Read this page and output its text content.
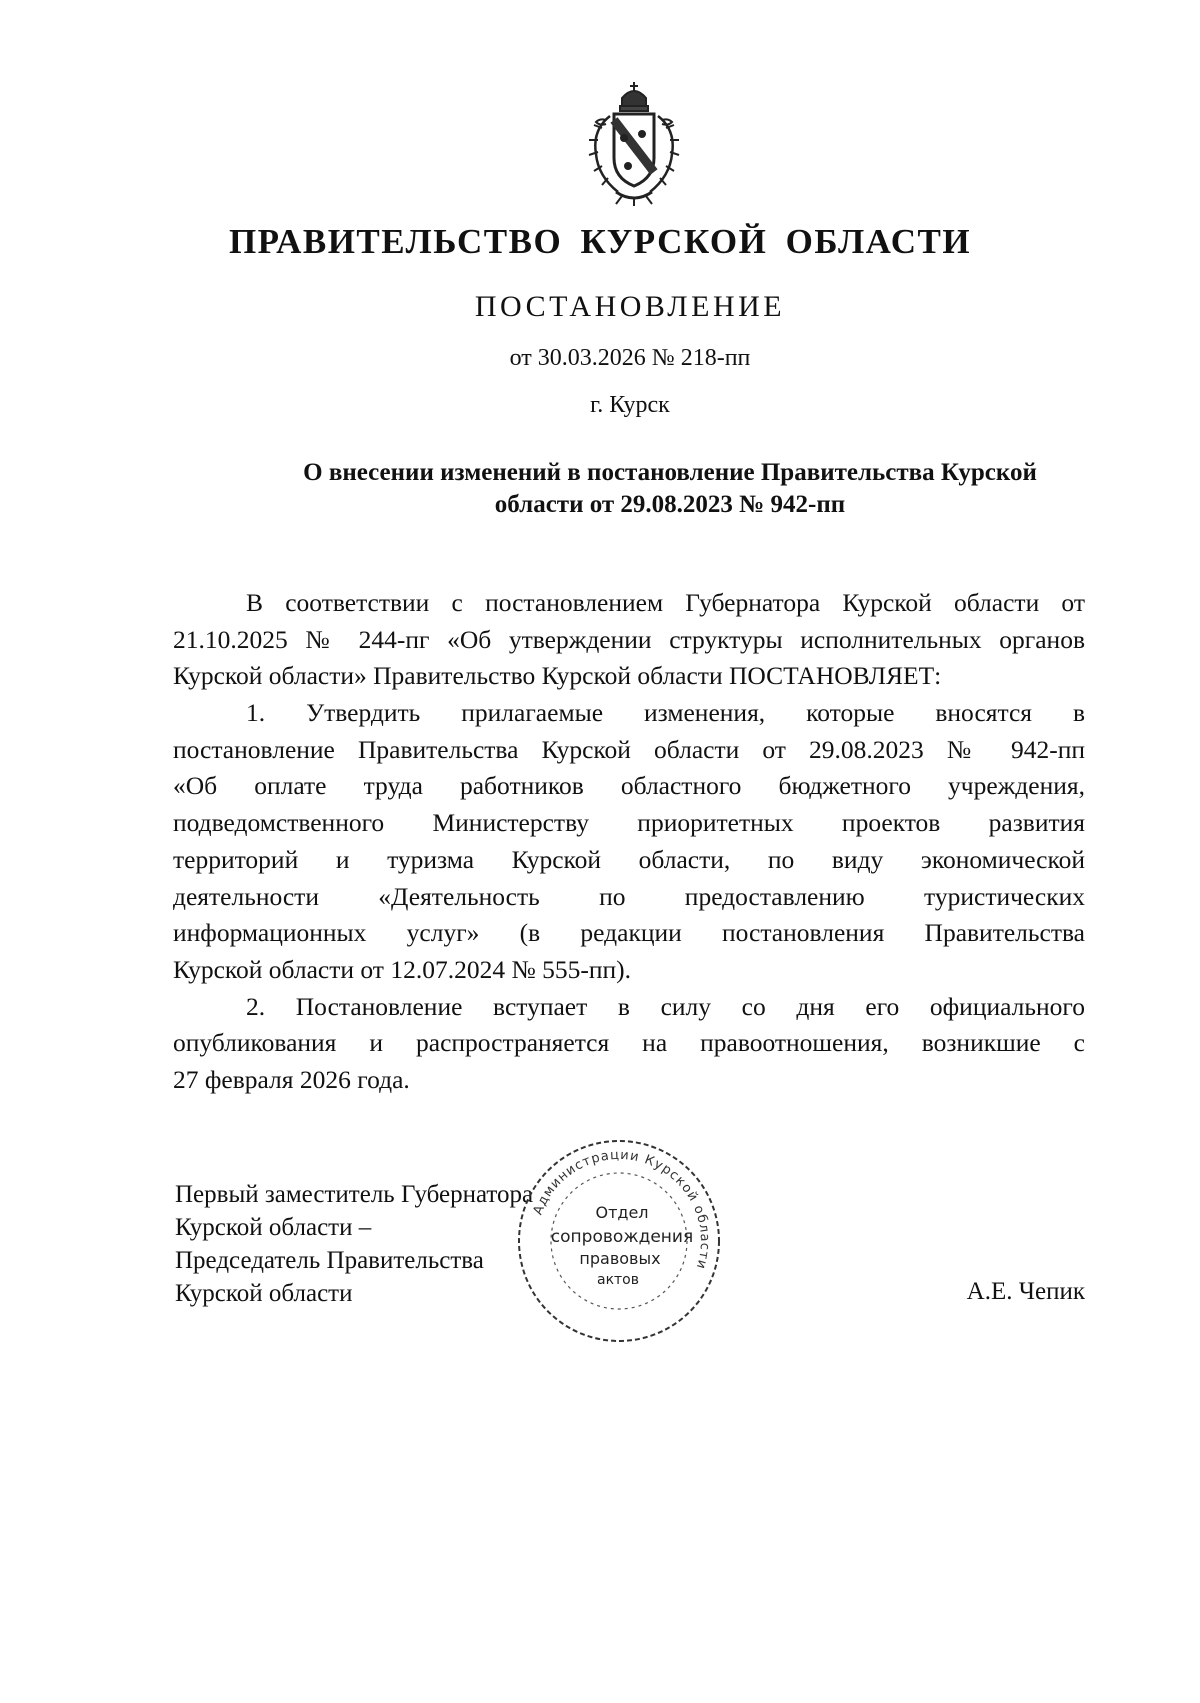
ПРАВИТЕЛЬСТВО КУРСКОЙ ОБЛАСТИ
ПОСТАНОВЛЕНИЕ
от 30.03.2026 № 218-пп
г. Курск
О внесении изменений в постановление Правительства Курской
области от 29.08.2023 № 942-пп
В соответствии с постановлением Губернатора Курской области от
21.10.2025 № 244-пг «Об утверждении структуры исполнительных органов
Курской области» Правительство Курской области ПОСТАНОВЛЯЕТ:
1. Утвердить прилагаемые изменения, которые вносятся в
постановление Правительства Курской области от 29.08.2023 № 942-пп
«Об оплате труда работников областного бюджетного учреждения,
подведомственного Министерству приоритетных проектов развития
территорий и туризма Курской области, по виду экономической
деятельности «Деятельность по предоставлению туристических
информационных услуг» (в редакции постановления Правительства
Курской области от 12.07.2024 № 555-пп).
2. Постановление вступает в силу со дня его официального
опубликования и распространяется на правоотношения, возникшие с
27 февраля 2026 года.
Первый заместитель Губернатора
Курской области –
Председатель Правительства
Курской области	А.Е. Чепик
Администрации Курской области
Отдел
сопровождения
правовых
актов
